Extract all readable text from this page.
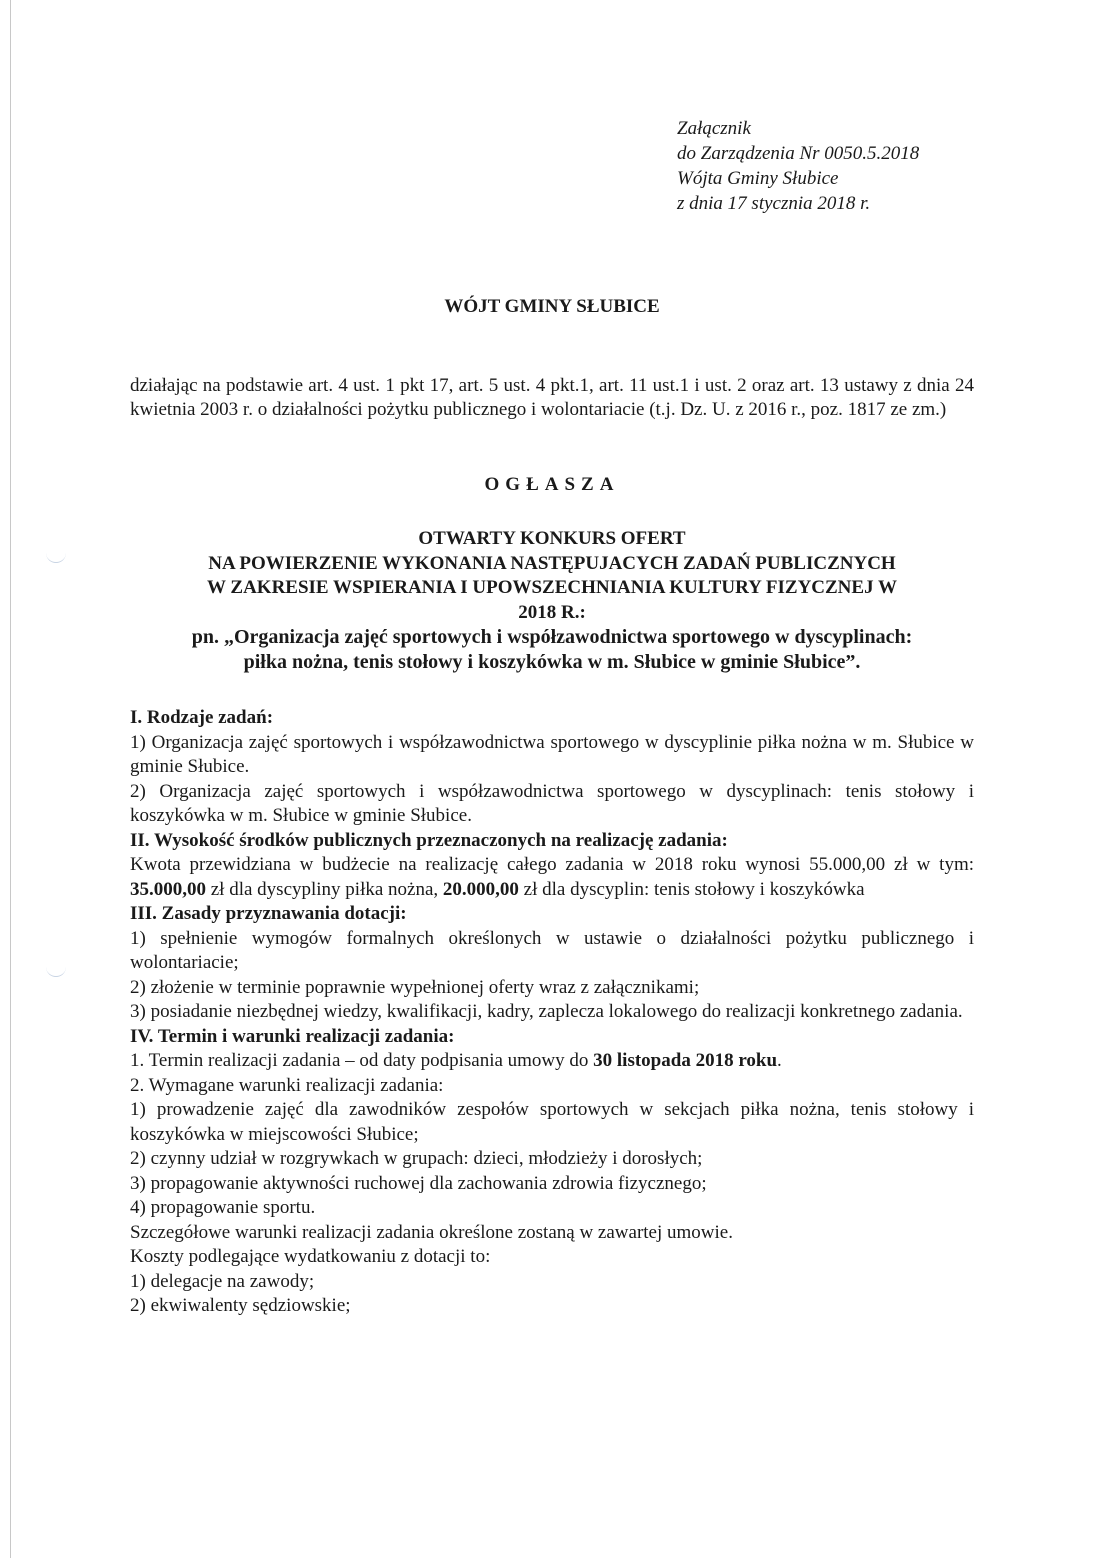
Załącznik
do Zarządzenia Nr 0050.5.2018
Wójta Gminy Słubice
z dnia 17 stycznia 2018 r.
WÓJT GMINY SŁUBICE
działając na podstawie art. 4 ust. 1 pkt 17, art. 5 ust. 4 pkt.1, art. 11 ust.1 i ust. 2 oraz art. 13 ustawy z dnia 24 kwietnia 2003 r. o działalności pożytku publicznego i wolontariacie (t.j. Dz. U. z 2016 r., poz. 1817 ze zm.)
OGŁASZA
OTWARTY KONKURS OFERT
NA POWIERZENIE WYKONANIA NASTĘPUJACYCH ZADAŃ PUBLICZNYCH
W ZAKRESIE WSPIERANIA I UPOWSZECHNIANIA KULTURY FIZYCZNEJ W
2018 R.:
pn. „Organizacja zajęć sportowych i współzawodnictwa sportowego w dyscyplinach:
piłka nożna, tenis stołowy i koszykówka w m. Słubice w gminie Słubice”.
I. Rodzaje zadań:

1) Organizacja zajęć sportowych i współzawodnictwa sportowego w dyscyplinie piłka nożna w m. Słubice w gminie Słubice.

2) Organizacja zajęć sportowych i współzawodnictwa sportowego w dyscyplinach: tenis stołowy i koszykówka w m. Słubice w gminie Słubice.

II. Wysokość środków publicznych przeznaczonych na realizację zadania:

Kwota przewidziana w budżecie na realizację całego zadania w 2018 roku wynosi 55.000,00 zł w tym: 35.000,00 zł dla dyscypliny piłka nożna, 20.000,00 zł dla dyscyplin: tenis stołowy i koszykówka

III. Zasady przyznawania dotacji:

1) spełnienie wymogów formalnych określonych w ustawie o działalności pożytku publicznego i wolontariacie;

2) złożenie w terminie poprawnie wypełnionej oferty wraz z załącznikami;

3) posiadanie niezbędnej wiedzy, kwalifikacji, kadry, zaplecza lokalowego do realizacji konkretnego zadania.

IV. Termin i warunki realizacji zadania:

1. Termin realizacji zadania – od daty podpisania umowy do 30 listopada 2018 roku.

2. Wymagane warunki realizacji zadania:

1) prowadzenie zajęć dla zawodników zespołów sportowych w sekcjach piłka nożna, tenis stołowy i koszykówka w miejscowości Słubice;

2) czynny udział w rozgrywkach w grupach: dzieci, młodzieży i dorosłych;

3) propagowanie aktywności ruchowej dla zachowania zdrowia fizycznego;

4) propagowanie sportu.

Szczegółowe warunki realizacji zadania określone zostaną w zawartej umowie.

Koszty podlegające wydatkowaniu z dotacji to:

1) delegacje na zawody;

2) ekwiwalenty sędziowskie;
